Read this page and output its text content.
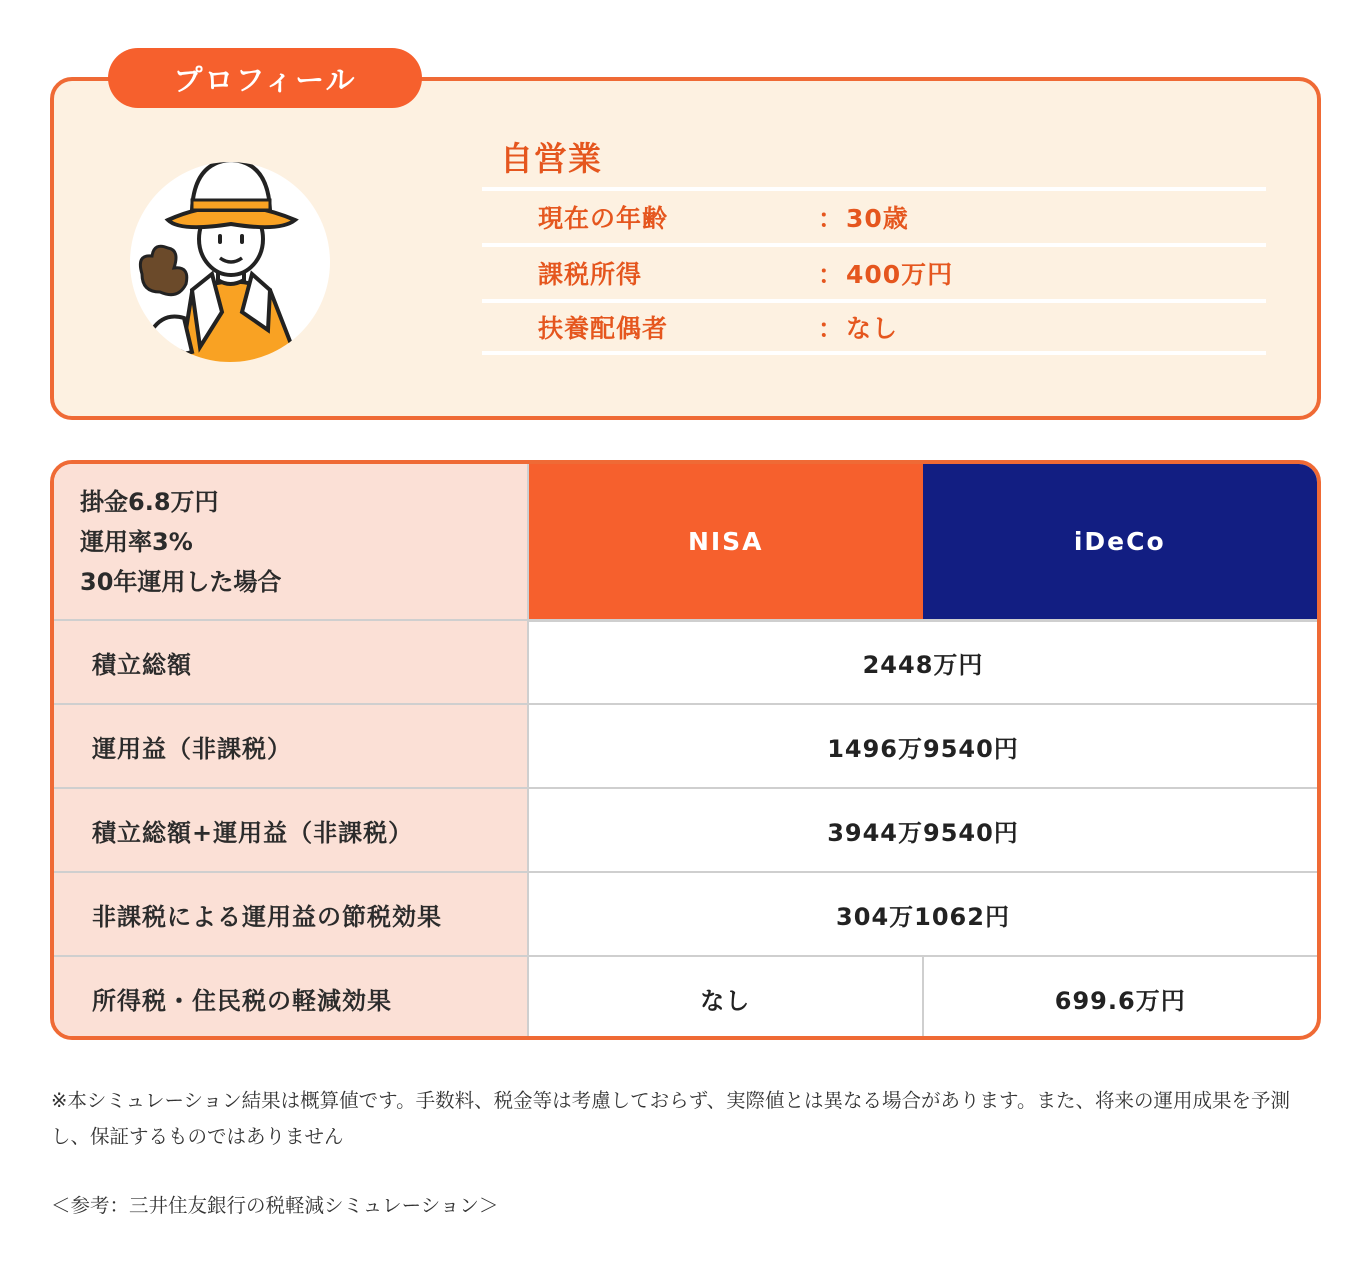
プロフィール
自営業
現在の年齢	： 30歳
課税所得	： 400万円
扶養配偶者	： なし
掛金6.8万円
運用率3%
30年運用した場合	NISA	iDeCo
積立総額	2448万円	
運用益（非課税）	1496万9540円	
積立総額+運用益（非課税）	3944万9540円	
非課税による運用益の節税効果	304万1062円	
所得税・住民税の軽減効果	なし	699.6万円
※本シミュレーション結果は概算値です。手数料、税金等は考慮しておらず、実際値とは異なる場合があります。また、将来の運用成果を予測し、保証するものではありません
＜参考：三井住友銀行の税軽減シミュレーション＞
